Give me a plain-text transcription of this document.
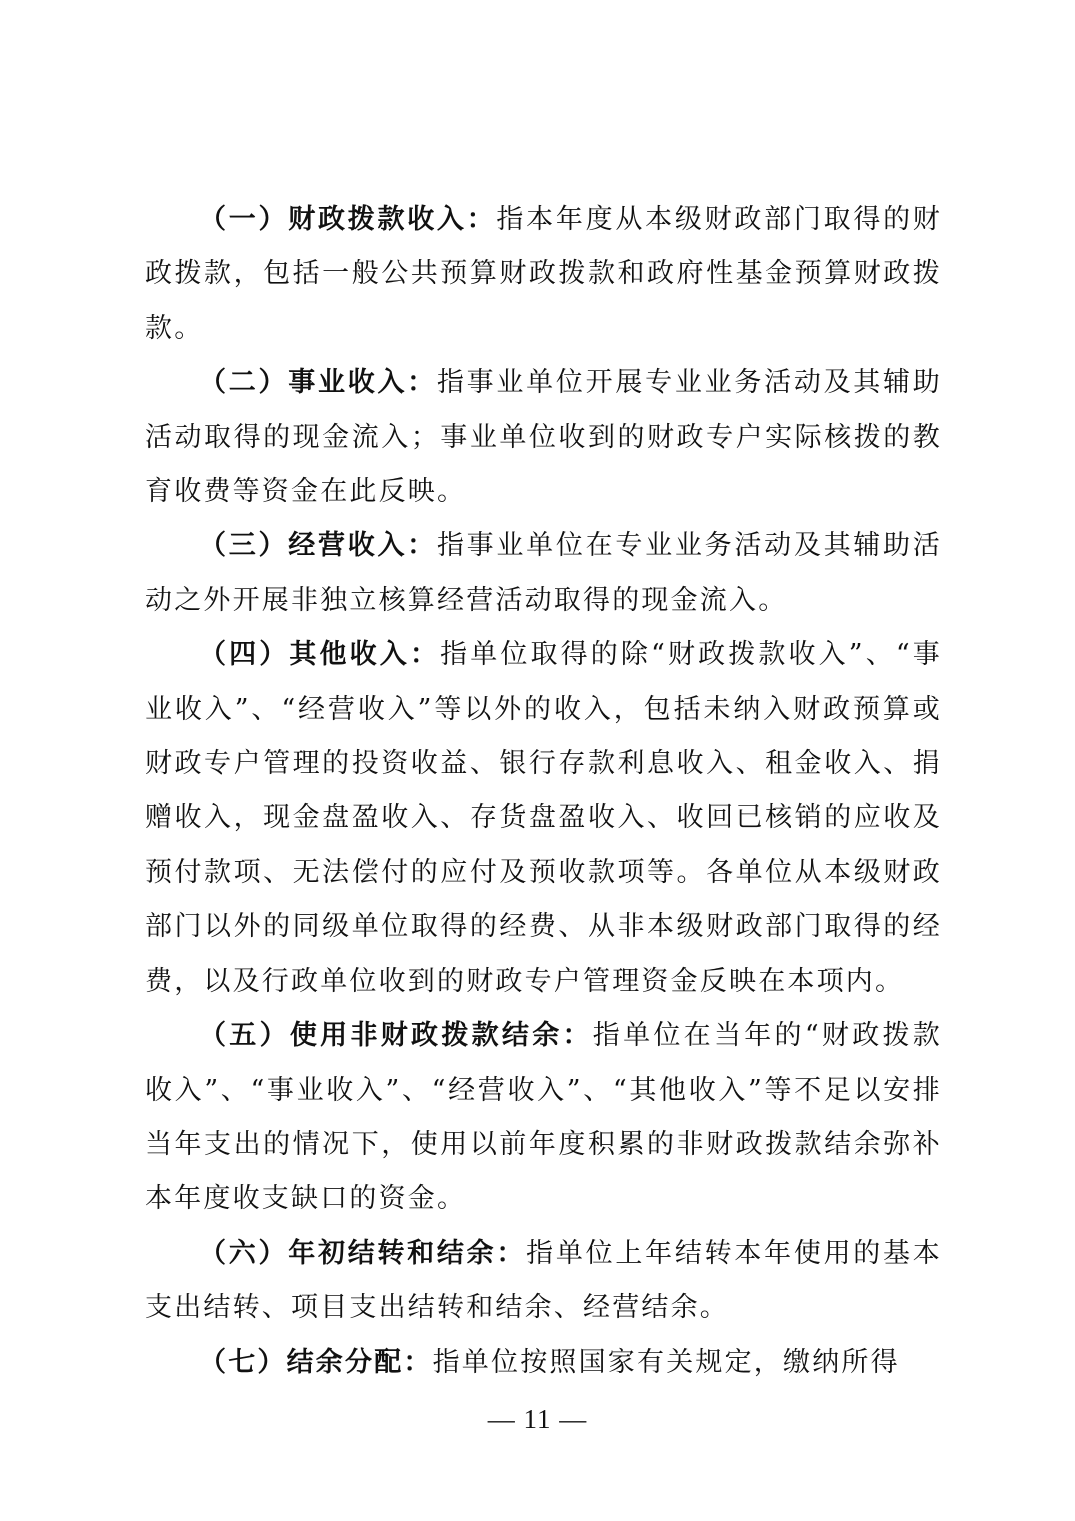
（一）财政拨款收入：指本年度从本级财政部门取得的财政拨款，包括一般公共预算财政拨款和政府性基金预算财政拨款。

（二）事业收入：指事业单位开展专业业务活动及其辅助活动取得的现金流入；事业单位收到的财政专户实际核拨的教育收费等资金在此反映。

（三）经营收入：指事业单位在专业业务活动及其辅助活动之外开展非独立核算经营活动取得的现金流入。

（四）其他收入：指单位取得的除“财政拨款收入”、“事业收入”、“经营收入”等以外的收入，包括未纳入财政预算或财政专户管理的投资收益、银行存款利息收入、租金收入、捐赠收入，现金盘盈收入、存货盘盈收入、收回已核销的应收及预付款项、无法偿付的应付及预收款项等。各单位从本级财政部门以外的同级单位取得的经费、从非本级财政部门取得的经费，以及行政单位收到的财政专户管理资金反映在本项内。

（五）使用非财政拨款结余：指单位在当年的“财政拨款收入”、“事业收入”、“经营收入”、“其他收入”等不足以安排当年支出的情况下，使用以前年度积累的非财政拨款结余弥补本年度收支缺口的资金。

（六）年初结转和结余：指单位上年结转本年使用的基本支出结转、项目支出结转和结余、经营结余。

（七）结余分配：指单位按照国家有关规定，缴纳所得

— 11 —
